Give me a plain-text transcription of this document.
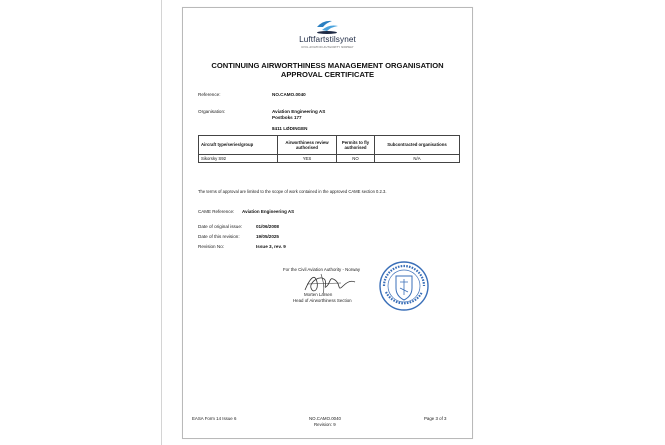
Luftfartstilsynet
CIVIL AVIATION AUTHORITY NORWAY
CONTINUING AIRWORTHINESS MANAGEMENT ORGANISATION
APPROVAL CERTIFICATE
Reference:	NO.CAMO.0040
Organisation:	Aviation Engineering AS
Postboks 177
8411 LØDINGEN
Aircraft type/series/group	Airworthiness review authorised	Permits to fly authorised	Subcontracted organisations
Sikorsky S92	YES	NO	N/A
The terms of approval are limited to the scope of work contained in the approved CAME section 0.2.3.
CAME Reference: Aviation Engineering AS
Date of original issue:	01/06/2008
Date of this revision:	19/05/2025
Revision No:	Issue 3, rev. 9
For the Civil Aviation Authority - Norway
Morten Larsen
Head of Airworthiness Section
EASA Form 14 Issue 6	NO.CAMO.0040
Revision: 9
Page 3 of 3
